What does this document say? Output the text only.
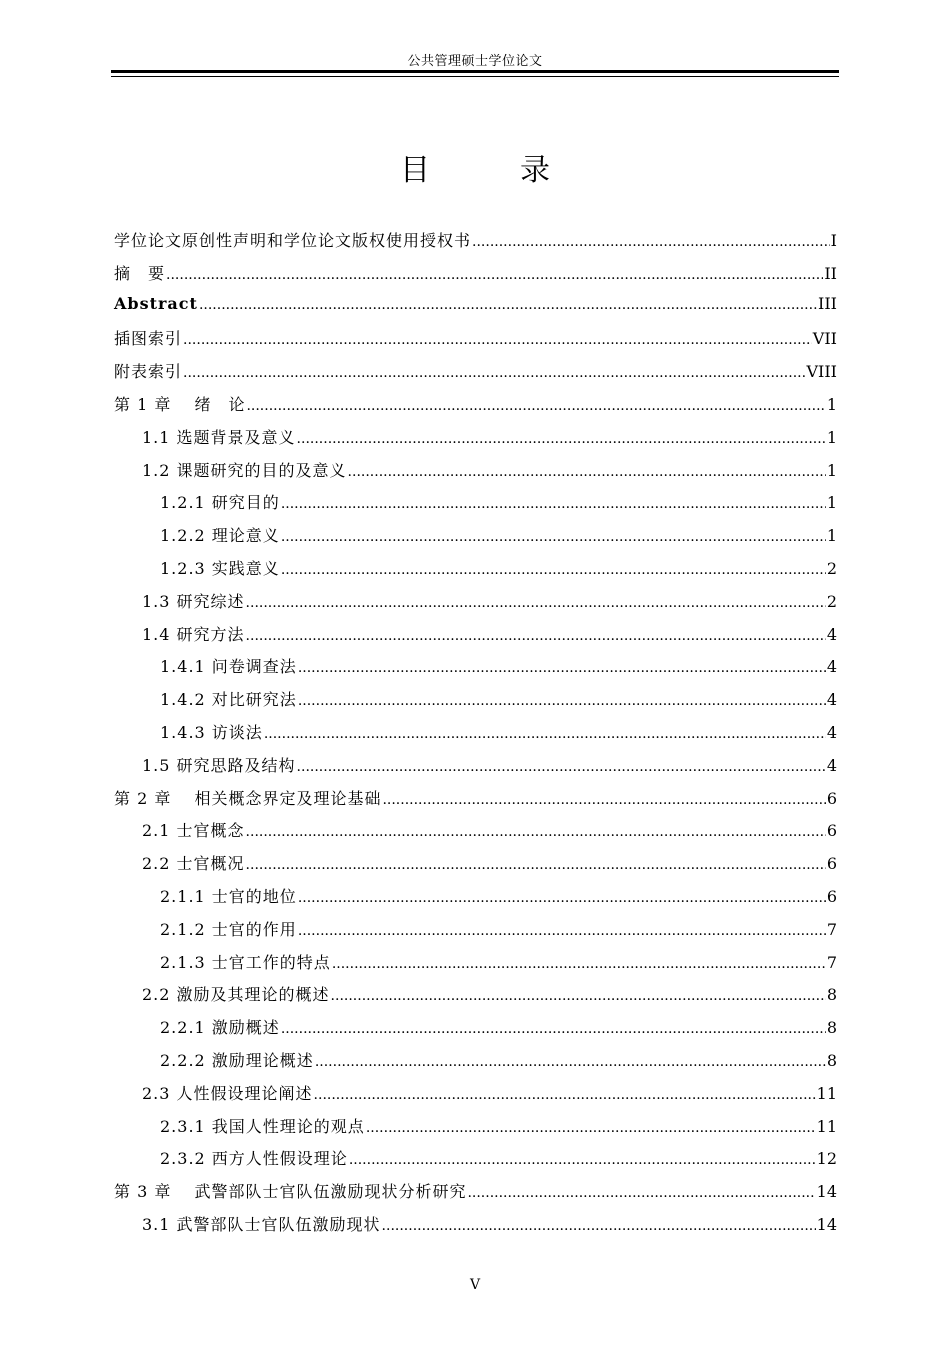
公共管理硕士学位论文
目　录
学位论文原创性声明和学位论文版权使用授权书 .....	I
摘　要 .....	II
Abstract .....	III
插图索引 .....	VII
附表索引 .....	VIII
第 1 章　 绪　论 .....	1
1.1 选题背景及意义 .....	1
1.2 课题研究的目的及意义 .....	1
1.2.1 研究目的 .....	1
1.2.2 理论意义 .....	1
1.2.3 实践意义 .....	2
1.3 研究综述 .....	2
1.4 研究方法 .....	4
1.4.1 问卷调查法 .....	4
1.4.2 对比研究法 .....	4
1.4.3 访谈法 .....	4
1.5 研究思路及结构 .....	4
第 2 章　 相关概念界定及理论基础 .....	6
2.1 士官概念 .....	6
2.2 士官概况 .....	6
2.1.1 士官的地位 .....	6
2.1.2 士官的作用 .....	7
2.1.3 士官工作的特点 .....	7
2.2 激励及其理论的概述 .....	8
2.2.1 激励概述 .....	8
2.2.2 激励理论概述 .....	8
2.3 人性假设理论阐述 .....	11
2.3.1 我国人性理论的观点 .....	11
2.3.2 西方人性假设理论 .....	12
第 3 章　 武警部队士官队伍激励现状分析研究 .....	14
3.1 武警部队士官队伍激励现状 .....	14
V
